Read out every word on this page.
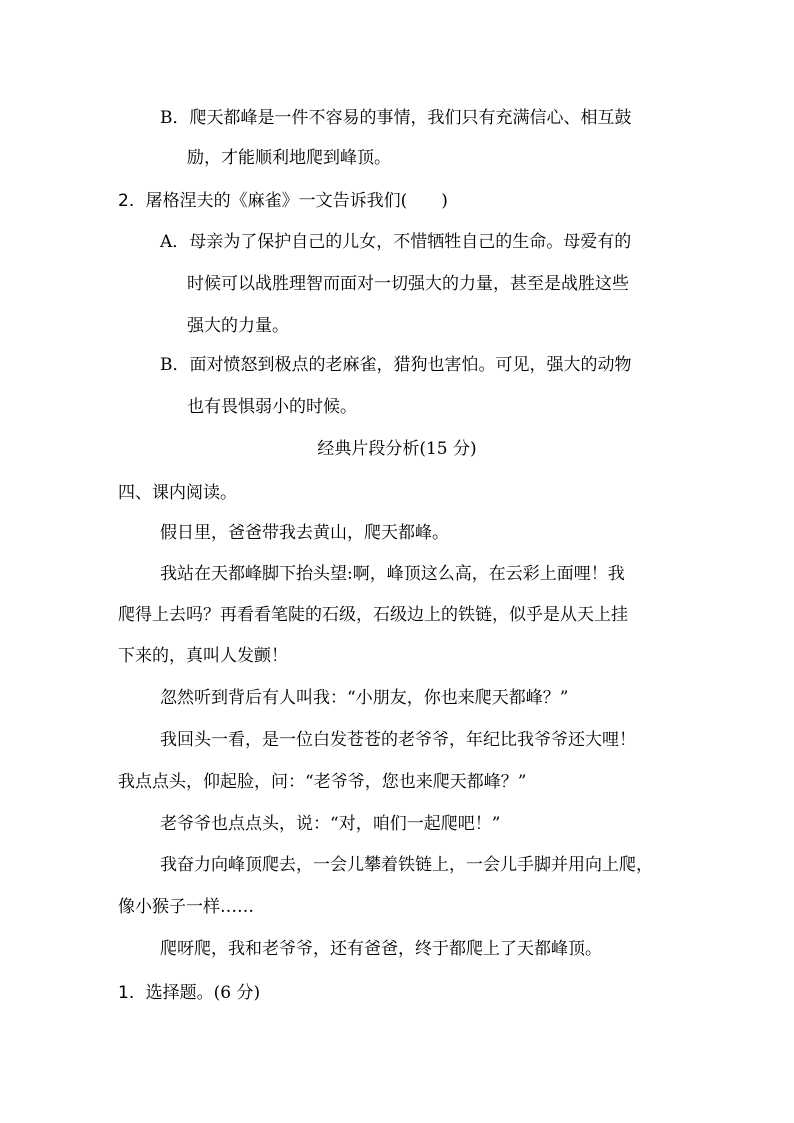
B．爬天都峰是一件不容易的事情，我们只有充满信心、相互鼓
励，才能顺利地爬到峰顶。
2. 屠格涅夫的《麻雀》一文告诉我们(　　)
A．母亲为了保护自己的儿女，不惜牺牲自己的生命。母爱有的
时候可以战胜理智而面对一切强大的力量，甚至是战胜这些
强大的力量。
B．面对愤怒到极点的老麻雀，猎狗也害怕。可见，强大的动物
也有畏惧弱小的时候。
经典片段分析(15 分)
四、课内阅读。
假日里，爸爸带我去黄山，爬天都峰。
我站在天都峰脚下抬头望:啊，峰顶这么高，在云彩上面哩！我
爬得上去吗？再看看笔陡的石级，石级边上的铁链，似乎是从天上挂
下来的，真叫人发颤！
忽然听到背后有人叫我：“小朋友，你也来爬天都峰？”
我回头一看，是一位白发苍苍的老爷爷，年纪比我爷爷还大哩！
我点点头，仰起脸，问：“老爷爷，您也来爬天都峰？”
老爷爷也点点头，说：“对，咱们一起爬吧！”
我奋力向峰顶爬去，一会儿攀着铁链上，一会儿手脚并用向上爬，
像小猴子一样……
爬呀爬，我和老爷爷，还有爸爸，终于都爬上了天都峰顶。
1. 选择题。(6 分)
